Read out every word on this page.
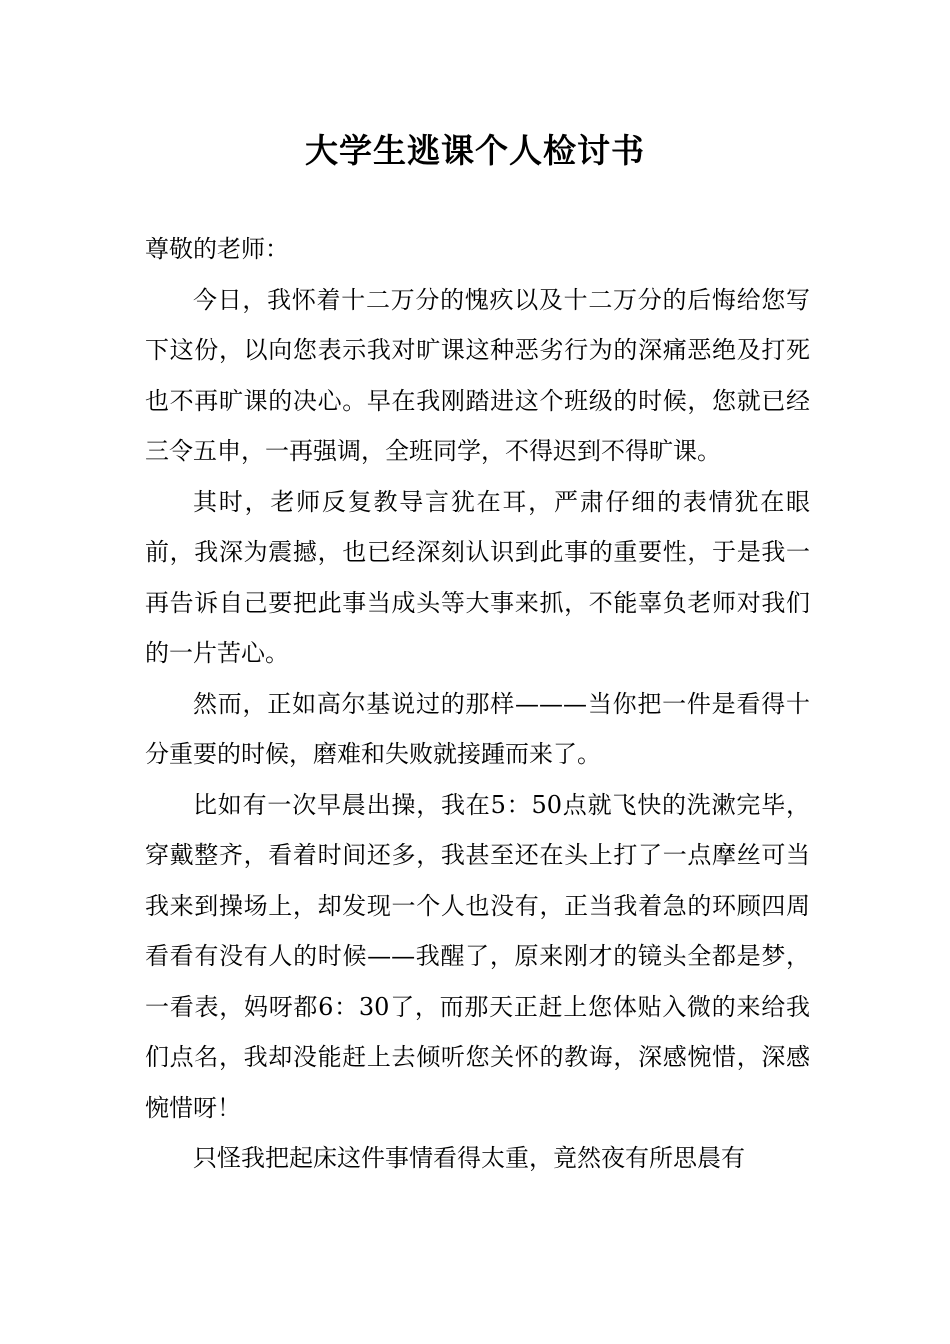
大学生逃课个人检讨书

尊敬的老师：

今日，我怀着十二万分的愧疚以及十二万分的后悔给您写下这份，以向您表示我对旷课这种恶劣行为的深痛恶绝及打死也不再旷课的决心。早在我刚踏进这个班级的时候，您就已经三令五申，一再强调，全班同学，不得迟到不得旷课。

其时，老师反复教导言犹在耳，严肃仔细的表情犹在眼前，我深为震撼，也已经深刻认识到此事的重要性，于是我一再告诉自己要把此事当成头等大事来抓，不能辜负老师对我们的一片苦心。

然而，正如高尔基说过的那样———当你把一件是看得十分重要的时候，磨难和失败就接踵而来了。

比如有一次早晨出操，我在5：50点就飞快的洗漱完毕，穿戴整齐，看着时间还多，我甚至还在头上打了一点摩丝可当我来到操场上，却发现一个人也没有，正当我着急的环顾四周看看有没有人的时候——我醒了，原来刚才的镜头全都是梦，一看表，妈呀都6：30了，而那天正赶上您体贴入微的来给我们点名，我却没能赶上去倾听您关怀的教诲，深感惋惜，深感惋惜呀！

只怪我把起床这件事情看得太重，竟然夜有所思晨有
